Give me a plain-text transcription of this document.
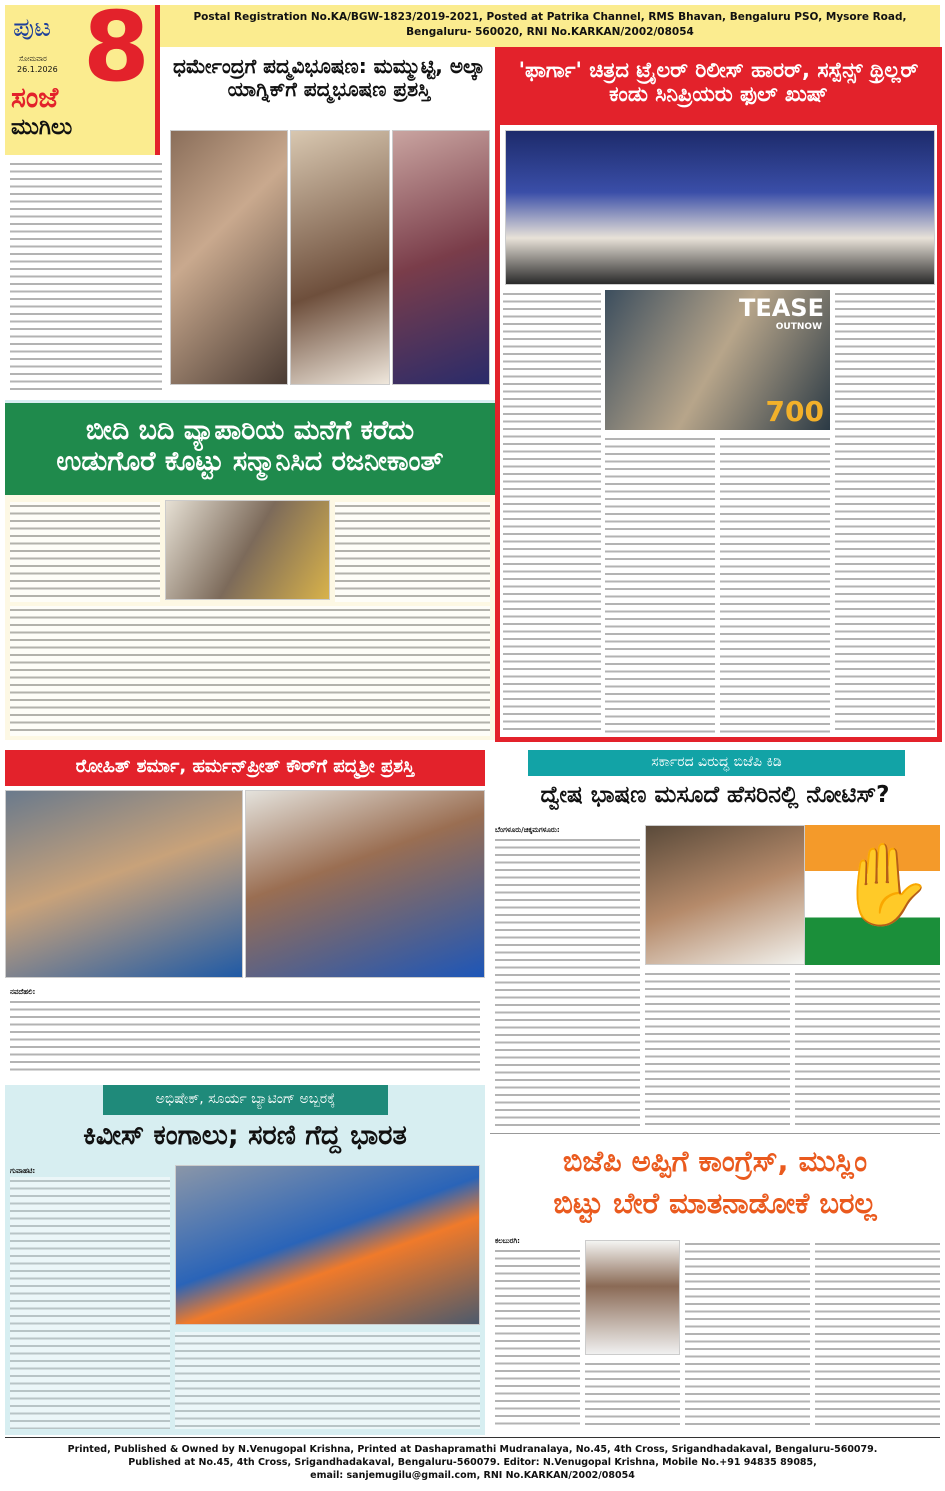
ಪುಟ 8
ಸೋಮವಾರ
26.1.2026
ಸಂಜೆ
ಮುಗಿಲು
Postal Registration No.KA/BGW-1823/2019-2021, Posted at Patrika Channel, RMS Bhavan, Bengaluru PSO, Mysore Road,
Bengaluru- 560020, RNI No.KARKAN/2002/08054
ಧರ್ಮೇಂದ್ರಗೆ ಪದ್ಮವಿಭೂಷಣ: ಮಮ್ಮುಟ್ಟಿ, ಅಲ್ಕಾ ಯಾಗ್ನಿಕ್‌ಗೆ ಪದ್ಮಭೂಷಣ ಪ್ರಶಸ್ತಿ
'ಫಾರ್ಗಾ' ಚಿತ್ರದ ಟ್ರೈಲರ್ ರಿಲೀಸ್ ಹಾರರ್, ಸಸ್ಪೆನ್ಸ್ ಥ್ರಿಲ್ಲರ್ ಕಂಡು ಸಿನಿಪ್ರಿಯರು ಫುಲ್ ಖುಷ್
TEASE
OUTNOW
700
ಬೀದಿ ಬದಿ ವ್ಯಾಪಾರಿಯ ಮನೆಗೆ ಕರೆದು
ಉಡುಗೊರೆ ಕೊಟ್ಟು ಸನ್ಮಾನಿಸಿದ ರಜನೀಕಾಂತ್
ರೋಹಿತ್ ಶರ್ಮಾ, ಹರ್ಮನ್‌ಪ್ರೀತ್ ಕೌರ್‌ಗೆ ಪದ್ಮಶ್ರೀ ಪ್ರಶಸ್ತಿ
ನವದೆಹಲಿ:
ಸರ್ಕಾರದ ವಿರುದ್ಧ ಬಿಜೆಪಿ ಕಿಡಿ
ದ್ವೇಷ ಭಾಷಣ ಮಸೂದೆ ಹೆಸರಿನಲ್ಲಿ ನೋಟಿಸ್?
✋
ಬೆಂಗಳೂರು/ಚಿಕ್ಕಮಗಳೂರು:
ಅಭಿಷೇಕ್, ಸೂರ್ಯ ಬ್ಯಾಟಿಂಗ್ ಅಬ್ಬರಕ್ಕೆ
ಕಿವೀಸ್ ಕಂಗಾಲು; ಸರಣಿ ಗೆದ್ದ ಭಾರತ
ಗುವಾಹಟಿ:	ಬಿಜೆಪಿ ಅಪ್ಪಿಗೆ ಕಾಂಗ್ರೆಸ್, ಮುಸ್ಲಿಂ
ಬಿಟ್ಟು ಬೇರೆ ಮಾತನಾಡೋಕೆ ಬರಲ್ಲ
ಕಲಬುರಗಿ:
Printed, Published & Owned by N.Venugopal Krishna, Printed at Dashapramathi Mudranalaya, No.45, 4th Cross, Srigandhadakaval, Bengaluru-560079.
Published at No.45, 4th Cross, Srigandhadakaval, Bengaluru-560079. Editor: N.Venugopal Krishna, Mobile No.+91 94835 89085,
email: sanjemugilu@gmail.com, RNI No.KARKAN/2002/08054
